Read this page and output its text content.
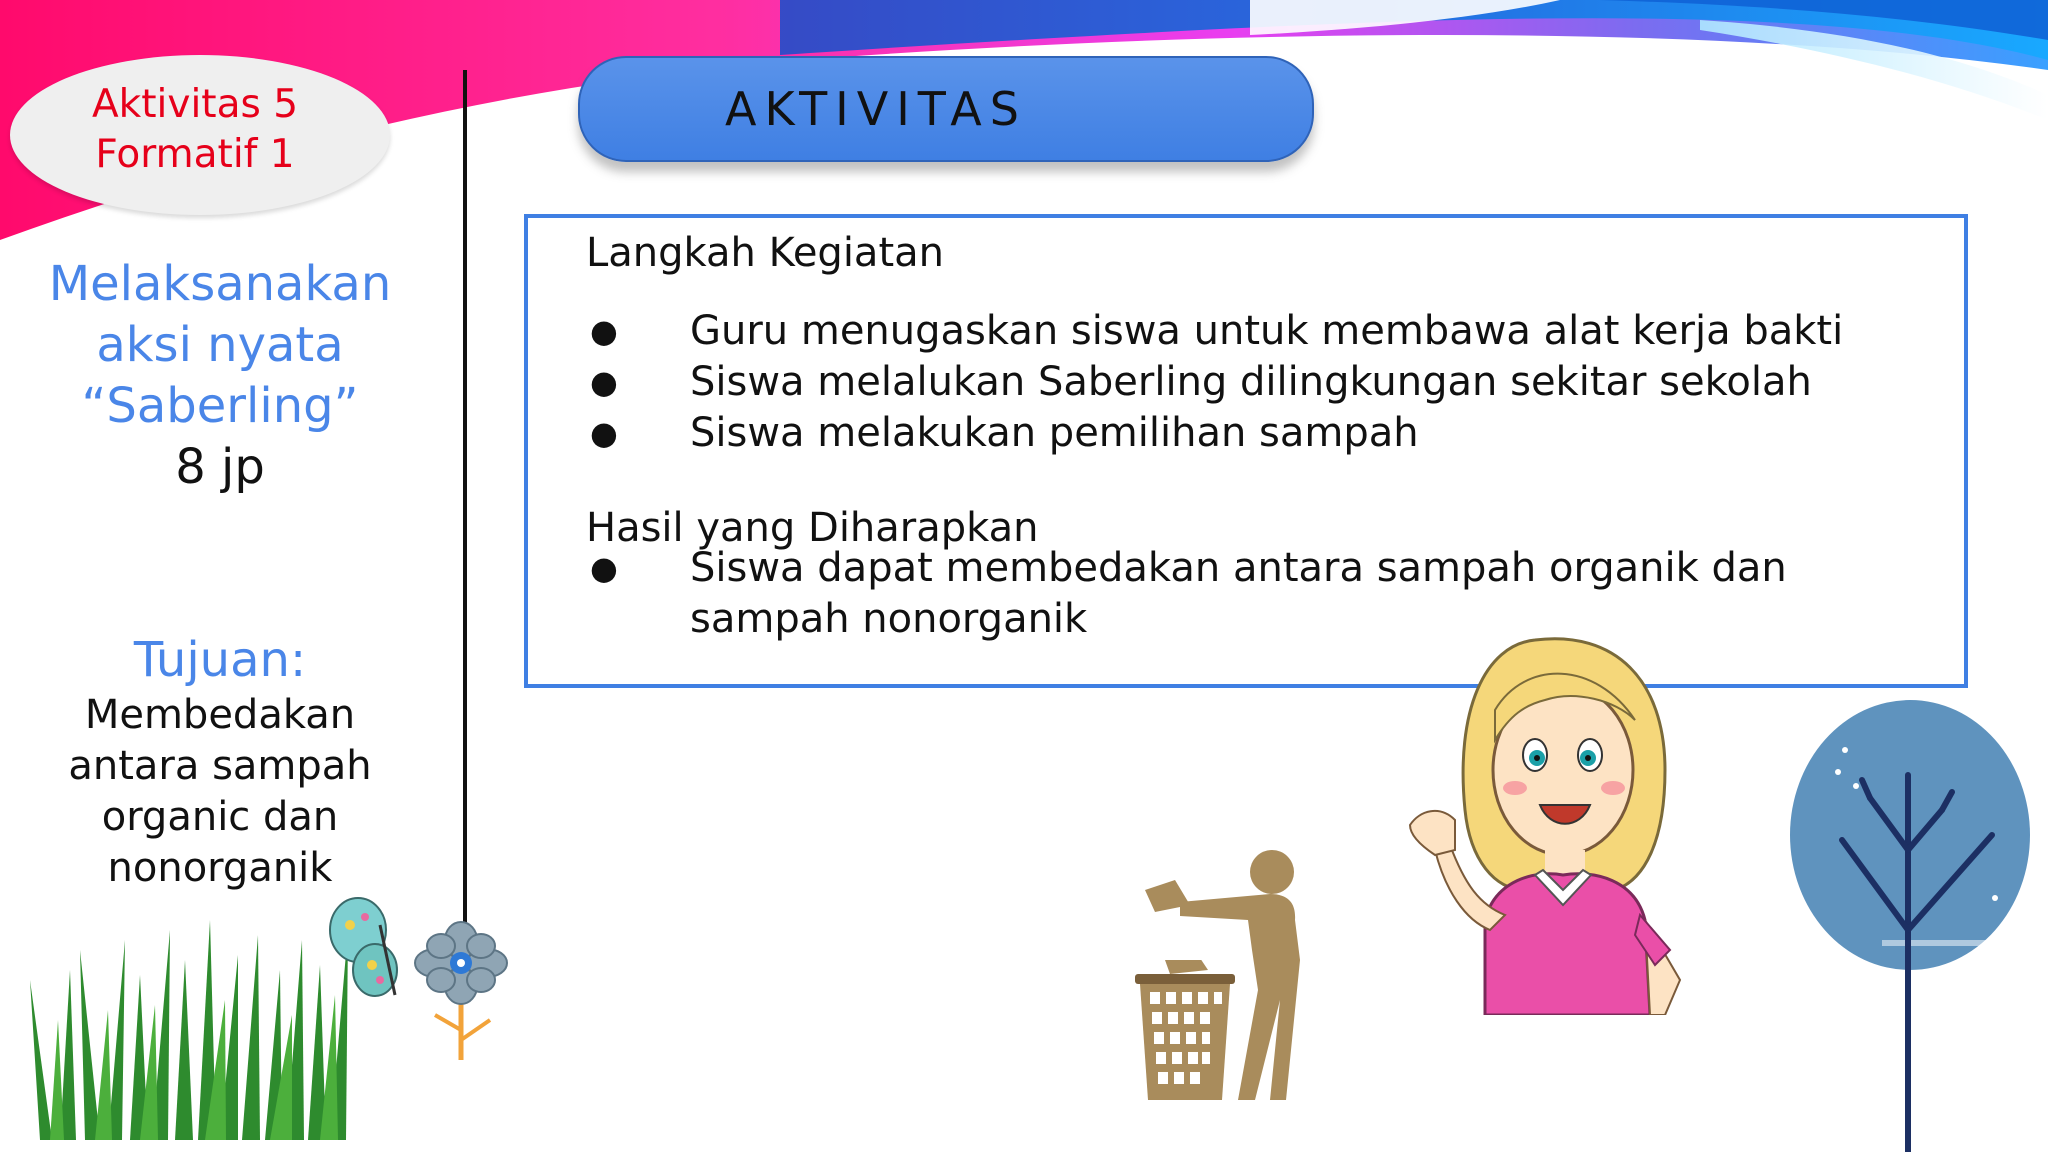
AKTIVITAS
Aktivitas 5
Formatif 1
Melaksanakan
aksi nyata
“Saberling”
8 jp
Tujuan:
Membedakan
antara sampah
organic dan
nonorganik
Langkah Kegiatan
● Guru menugaskan siswa untuk membawa alat kerja bakti
● Siswa melalukan Saberling dilingkungan sekitar sekolah
● Siswa melakukan pemilihan sampah
Hasil yang Diharapkan
● Siswa dapat membedakan antara sampah organik dan sampah nonorganik
